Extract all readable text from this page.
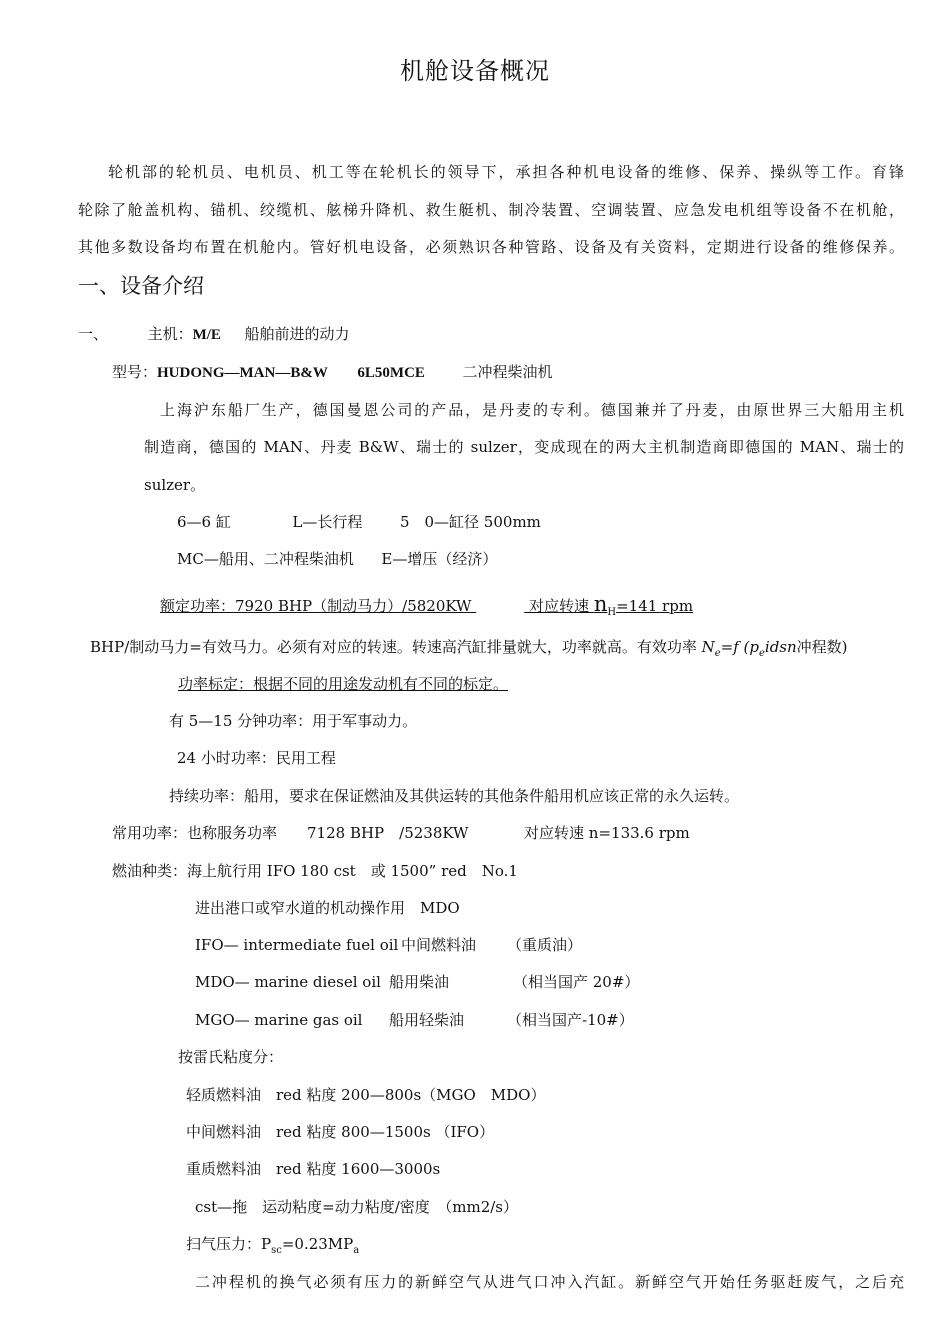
机舱设备概况
轮机部的轮机员、电机员、机工等在轮机长的领导下，承担各种机电设备的维修、保养、操纵等工作。育锋
轮除了舱盖机构、锚机、绞缆机、舷梯升降机、救生艇机、制冷装置、空调装置、应急发电机组等设备不在机舱，
其他多数设备均布置在机舱内。管好机电设备，必须熟识各种管路、设备及有关资料，定期进行设备的维修保养。
一、设备介绍
一、	主机：M/E 船舶前进的动力
型号：HUDONG—MAN—B&W 6L50MCE	二冲程柴油机
上海沪东船厂生产，德国曼恩公司的产品，是丹麦的专利。德国兼并了丹麦，由原世界三大船用主机
制造商，德国的 MAN、丹麦 B&W、瑞士的 sulzer，变成现在的两大主机制造商即德国的 MAN、瑞士的
sulzer。
6—6 缸	L—长行程	5　0—缸径 500mm
MC—船用、二冲程柴油机 E—增压（经济）
额定功率：7920 BHP（制动马力）/5820KW	对应转速 $n_H=141$ rpm
BHP/制动马力=有效马力。必须有对应的转速。转速高汽缸排量就大，功率就高。有效功率 $N_e=f$ ($p_eidsn$冲程数)
功率标定：根据不同的用途发动机有不同的标定。
有 5—15 分钟功率：用于军事动力。
24 小时功率：民用工程
持续功率：船用，要求在保证燃油及其供运转的其他条件船用机应该正常的永久运转。
常用功率：也称服务功率　　7128 BHP　/5238KW	对应转速 n=133.6 rpm
燃油种类：海上航行用 IFO 180 cst　或 1500” red　No.1
进出港口或窄水道的机动操作用　MDO
IFO— intermediate fuel oil 中间燃料油 （重质油）
MDO— marine diesel oil 船用柴油	（相当国产 20#）
MGO— marine gas oil 船用轻柴油	（相当国产-10#）
按雷氏粘度分：
轻质燃料油　red 粘度 200—800s（MGO　MDO）
中间燃料油　red 粘度 800—1500s （IFO）
重质燃料油　red 粘度 1600—3000s
cst—拖　运动粘度=动力粘度/密度　（mm2/s）
扫气压力：$P_{sc}=0.23MP_a$
二冲程机的换气必须有压力的新鲜空气从进气口冲入汽缸。新鲜空气开始任务驱赶废气，之后充
